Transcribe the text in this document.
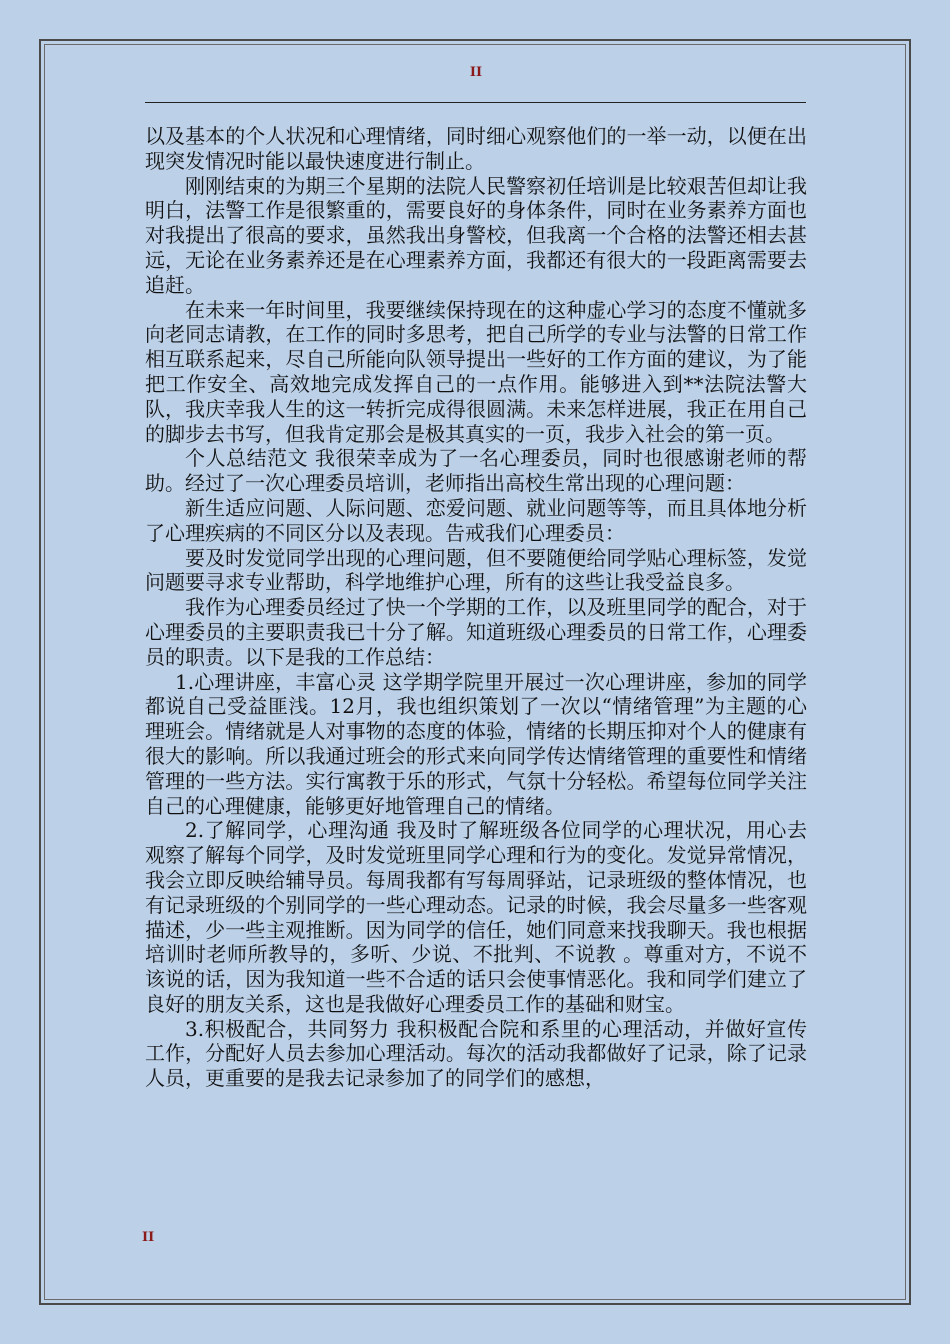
II

以及基本的个人状况和心理情绪，同时细心观察他们的一举一动，以便在出现突发情况时能以最快速度进行制止。

刚刚结束的为期三个星期的法院人民警察初任培训是比较艰苦但却让我明白，法警工作是很繁重的，需要良好的身体条件，同时在业务素养方面也对我提出了很高的要求，虽然我出身警校，但我离一个合格的法警还相去甚远，无论在业务素养还是在心理素养方面，我都还有很大的一段距离需要去追赶。

在未来一年时间里，我要继续保持现在的这种虚心学习的态度不懂就多向老同志请教，在工作的同时多思考，把自己所学的专业与法警的日常工作相互联系起来，尽自己所能向队领导提出一些好的工作方面的建议，为了能把工作安全、高效地完成发挥自己的一点作用。能够进入到**法院法警大队，我庆幸我人生的这一转折完成得很圆满。未来怎样进展，我正在用自己的脚步去书写，但我肯定那会是极其真实的一页，我步入社会的第一页。

个人总结范文 我很荣幸成为了一名心理委员，同时也很感谢老师的帮助。经过了一次心理委员培训，老师指出高校生常出现的心理问题：

新生适应问题、人际问题、恋爱问题、就业问题等等，而且具体地分析了心理疾病的不同区分以及表现。告戒我们心理委员：

要及时发觉同学出现的心理问题，但不要随便给同学贴心理标签，发觉问题要寻求专业帮助，科学地维护心理，所有的这些让我受益良多。

我作为心理委员经过了快一个学期的工作，以及班里同学的配合，对于心理委员的主要职责我已十分了解。知道班级心理委员的日常工作，心理委员的职责。以下是我的工作总结：

1.心理讲座，丰富心灵 这学期学院里开展过一次心理讲座，参加的同学都说自己受益匪浅。12月，我也组织策划了一次以“情绪管理”为主题的心理班会。情绪就是人对事物的态度的体验，情绪的长期压抑对个人的健康有很大的影响。所以我通过班会的形式来向同学传达情绪管理的重要性和情绪管理的一些方法。实行寓教于乐的形式，气氛十分轻松。希望每位同学关注自己的心理健康，能够更好地管理自己的情绪。

2.了解同学，心理沟通 我及时了解班级各位同学的心理状况，用心去观察了解每个同学，及时发觉班里同学心理和行为的变化。发觉异常情况，我会立即反映给辅导员。每周我都有写每周驿站，记录班级的整体情况，也有记录班级的个别同学的一些心理动态。记录的时候，我会尽量多一些客观描述，少一些主观推断。因为同学的信任，她们同意来找我聊天。我也根据培训时老师所教导的，多听、少说、不批判、不说教 。尊重对方，不说不该说的话，因为我知道一些不合适的话只会使事情恶化。我和同学们建立了良好的朋友关系，这也是我做好心理委员工作的基础和财宝。

3.积极配合，共同努力 我积极配合院和系里的心理活动，并做好宣传工作，分配好人员去参加心理活动。每次的活动我都做好了记录，除了记录人员，更重要的是我去记录参加了的同学们的感想，

II
